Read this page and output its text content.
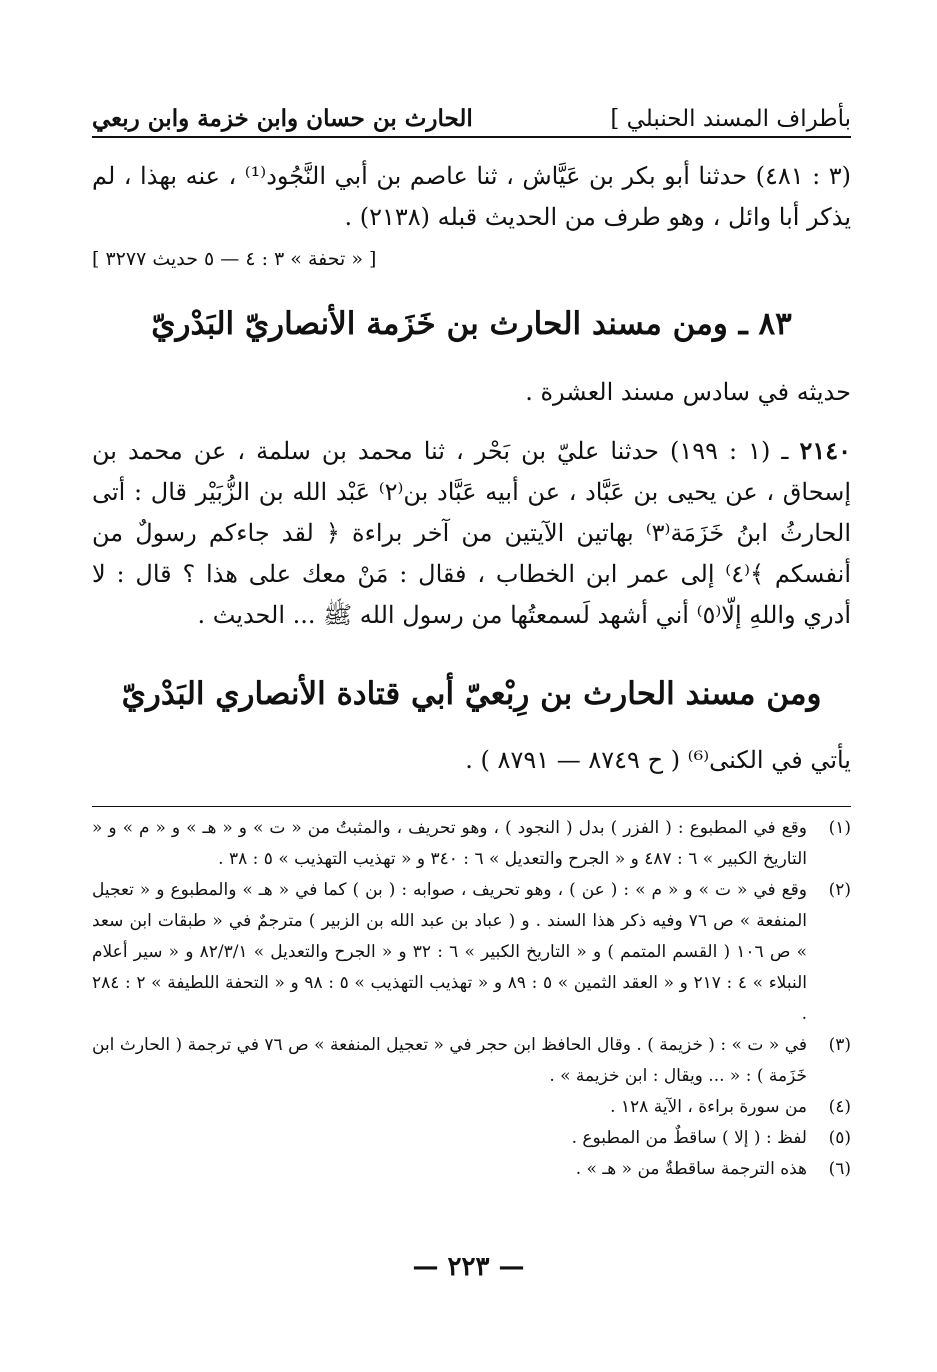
بأطراف المسند الحنبلي ]
الحارث بن حسان وابن خزمة وابن ربعي
(٣ : ٤٨١) حدثنا أبو بكر بن عَيَّاش ، ثنا عاصم بن أبي النَّجُود⁽¹⁾ ، عنه بهذا ، لم يذكر أبا وائل ، وهو طرف من الحديث قبله (٢١٣٨) .
[ « تحفة » ٣ : ٤ — ٥ حديث ٣٢٧٧ ]
٨٣ ـ ومن مسند الحارث بن خَزَمة الأنصاريّ البَدْريّ
حديثه في سادس مسند العشرة .
٢١٤٠ ـ (١ : ١٩٩) حدثنا عليّ بن بَحْر ، ثنا محمد بن سلمة ، عن محمد بن إسحاق ، عن يحيى بن عَبَّاد ، عن أبيه عَبَّاد بن⁽٢⁾ عَبْد الله بن الزُّبَيْر قال : أتى الحارثُ ابنُ خَزَمَة⁽٣⁾ بهاتين الآيتين من آخر براءة ﴿ لقد جاءكم رسولٌ من أنفسكم ﴾⁽٤⁾ إلى عمر ابن الخطاب ، فقال : مَنْ معك على هذا ؟ قال : لا أدري واللهِ إلّا⁽٥⁾ أني أشهد لَسمعتُها من رسول الله ﷺ ... الحديث .
ومن مسند الحارث بن رِبْعيّ أبي قتادة الأنصاري البَدْريّ
يأتي في الكنى⁽⁶⁾ ( ح ٨٧٤٩ — ٨٧٩١ ) .
(١)
وقع في المطبوع : ( الفزر ) بدل ( النجود ) ، وهو تحريف ، والمثبتُ من « ت » و « هـ » و « م » و « التاريخ الكبير » ٦ : ٤٨٧ و « الجرح والتعديل » ٦ : ٣٤٠ و « تهذيب التهذيب » ٥ : ٣٨ .
(٢)
وقع في « ت » و « م » : ( عن ) ، وهو تحريف ، صوابه : ( بن ) كما في « هـ » والمطبوع و « تعجيل المنفعة » ص ٧٦ وفيه ذكر هذا السند . و ( عباد بن عبد الله بن الزبير ) مترجمٌ في « طبقات ابن سعد » ص ١٠٦ ( القسم المتمم ) و « التاريخ الكبير » ٦ : ٣٢ و « الجرح والتعديل » ٨٢/٣/١ و « سير أعلام النبلاء » ٤ : ٢١٧ و « العقد الثمين » ٥ : ٨٩ و « تهذيب التهذيب » ٥ : ٩٨ و « التحفة اللطيفة » ٢ : ٢٨٤ .
(٣)
في « ت » : ( خزيمة ) . وقال الحافظ ابن حجر في « تعجيل المنفعة » ص ٧٦ في ترجمة ( الحارث ابن خَزَمة ) : « ... ويقال : ابن خزيمة » .
(٤)
من سورة براءة ، الآية ١٢٨ .
(٥)
لفظ : ( إلا ) ساقطٌ من المطبوع .
(٦)
هذه الترجمة ساقطةٌ من « هـ » .
— ٢٢٣ —
